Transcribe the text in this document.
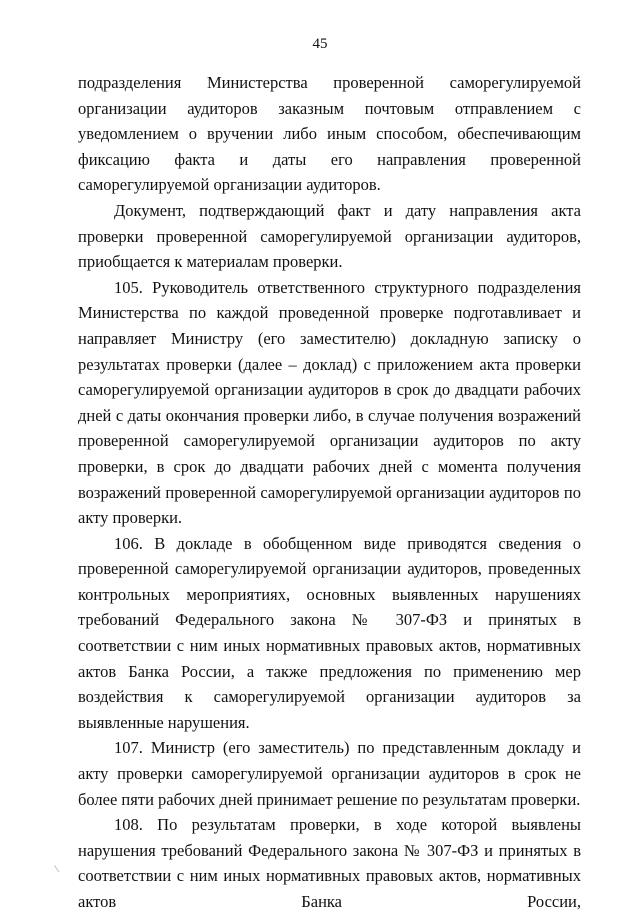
45

подразделения Министерства проверенной саморегулируемой организации аудиторов заказным почтовым отправлением с уведомлением о вручении либо иным способом, обеспечивающим фиксацию факта и даты его направления проверенной саморегулируемой организации аудиторов.

Документ, подтверждающий факт и дату направления акта проверки проверенной саморегулируемой организации аудиторов, приобщается к материалам проверки.

105. Руководитель ответственного структурного подразделения Министерства по каждой проведенной проверке подготавливает и направляет Министру (его заместителю) докладную записку о результатах проверки (далее – доклад) с приложением акта проверки саморегулируемой организации аудиторов в срок до двадцати рабочих дней с даты окончания проверки либо, в случае получения возражений проверенной саморегулируемой организации аудиторов по акту проверки, в срок до двадцати рабочих дней с момента получения возражений проверенной саморегулируемой организации аудиторов по акту проверки.

106. В докладе в обобщенном виде приводятся сведения о проверенной саморегулируемой организации аудиторов, проведенных контрольных мероприятиях, основных выявленных нарушениях требований Федерального закона № 307-ФЗ и принятых в соответствии с ним иных нормативных правовых актов, нормативных актов Банка России, а также предложения по применению мер воздействия к саморегулируемой организации аудиторов за выявленные нарушения.

107. Министр (его заместитель) по представленным докладу и акту проверки саморегулируемой организации аудиторов в срок не более пяти рабочих дней принимает решение по результатам проверки.

108. По результатам проверки, в ходе которой выявлены нарушения требований Федерального закона № 307-ФЗ и принятых в соответствии с ним иных нормативных правовых актов, нормативных актов Банка России,
